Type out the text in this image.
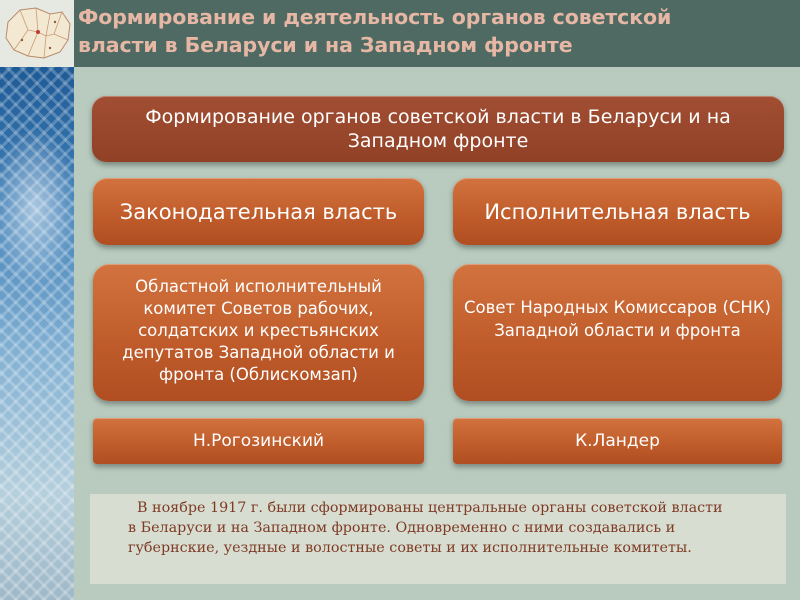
Формирование и деятельность органов советской
власти в Беларуси и на Западном фронте
Формирование органов советской власти в Беларуси и на Западном фронте
Законодательная власть	Исполнительная власть
Областной исполнительный комитет Советов рабочих, солдатских и крестьянских депутатов Западной области и фронта (Облискомзап)
Совет Народных Комиссаров (СНК) Западной области и фронта
Н.Рогозинский	К.Ландер
В ноябре 1917 г. были сформированы центральные органы советской власти
в Беларуси и на Западном фронте. Одновременно с ними создавались и
губернские, уездные и волостные советы и их исполнительные комитеты.
